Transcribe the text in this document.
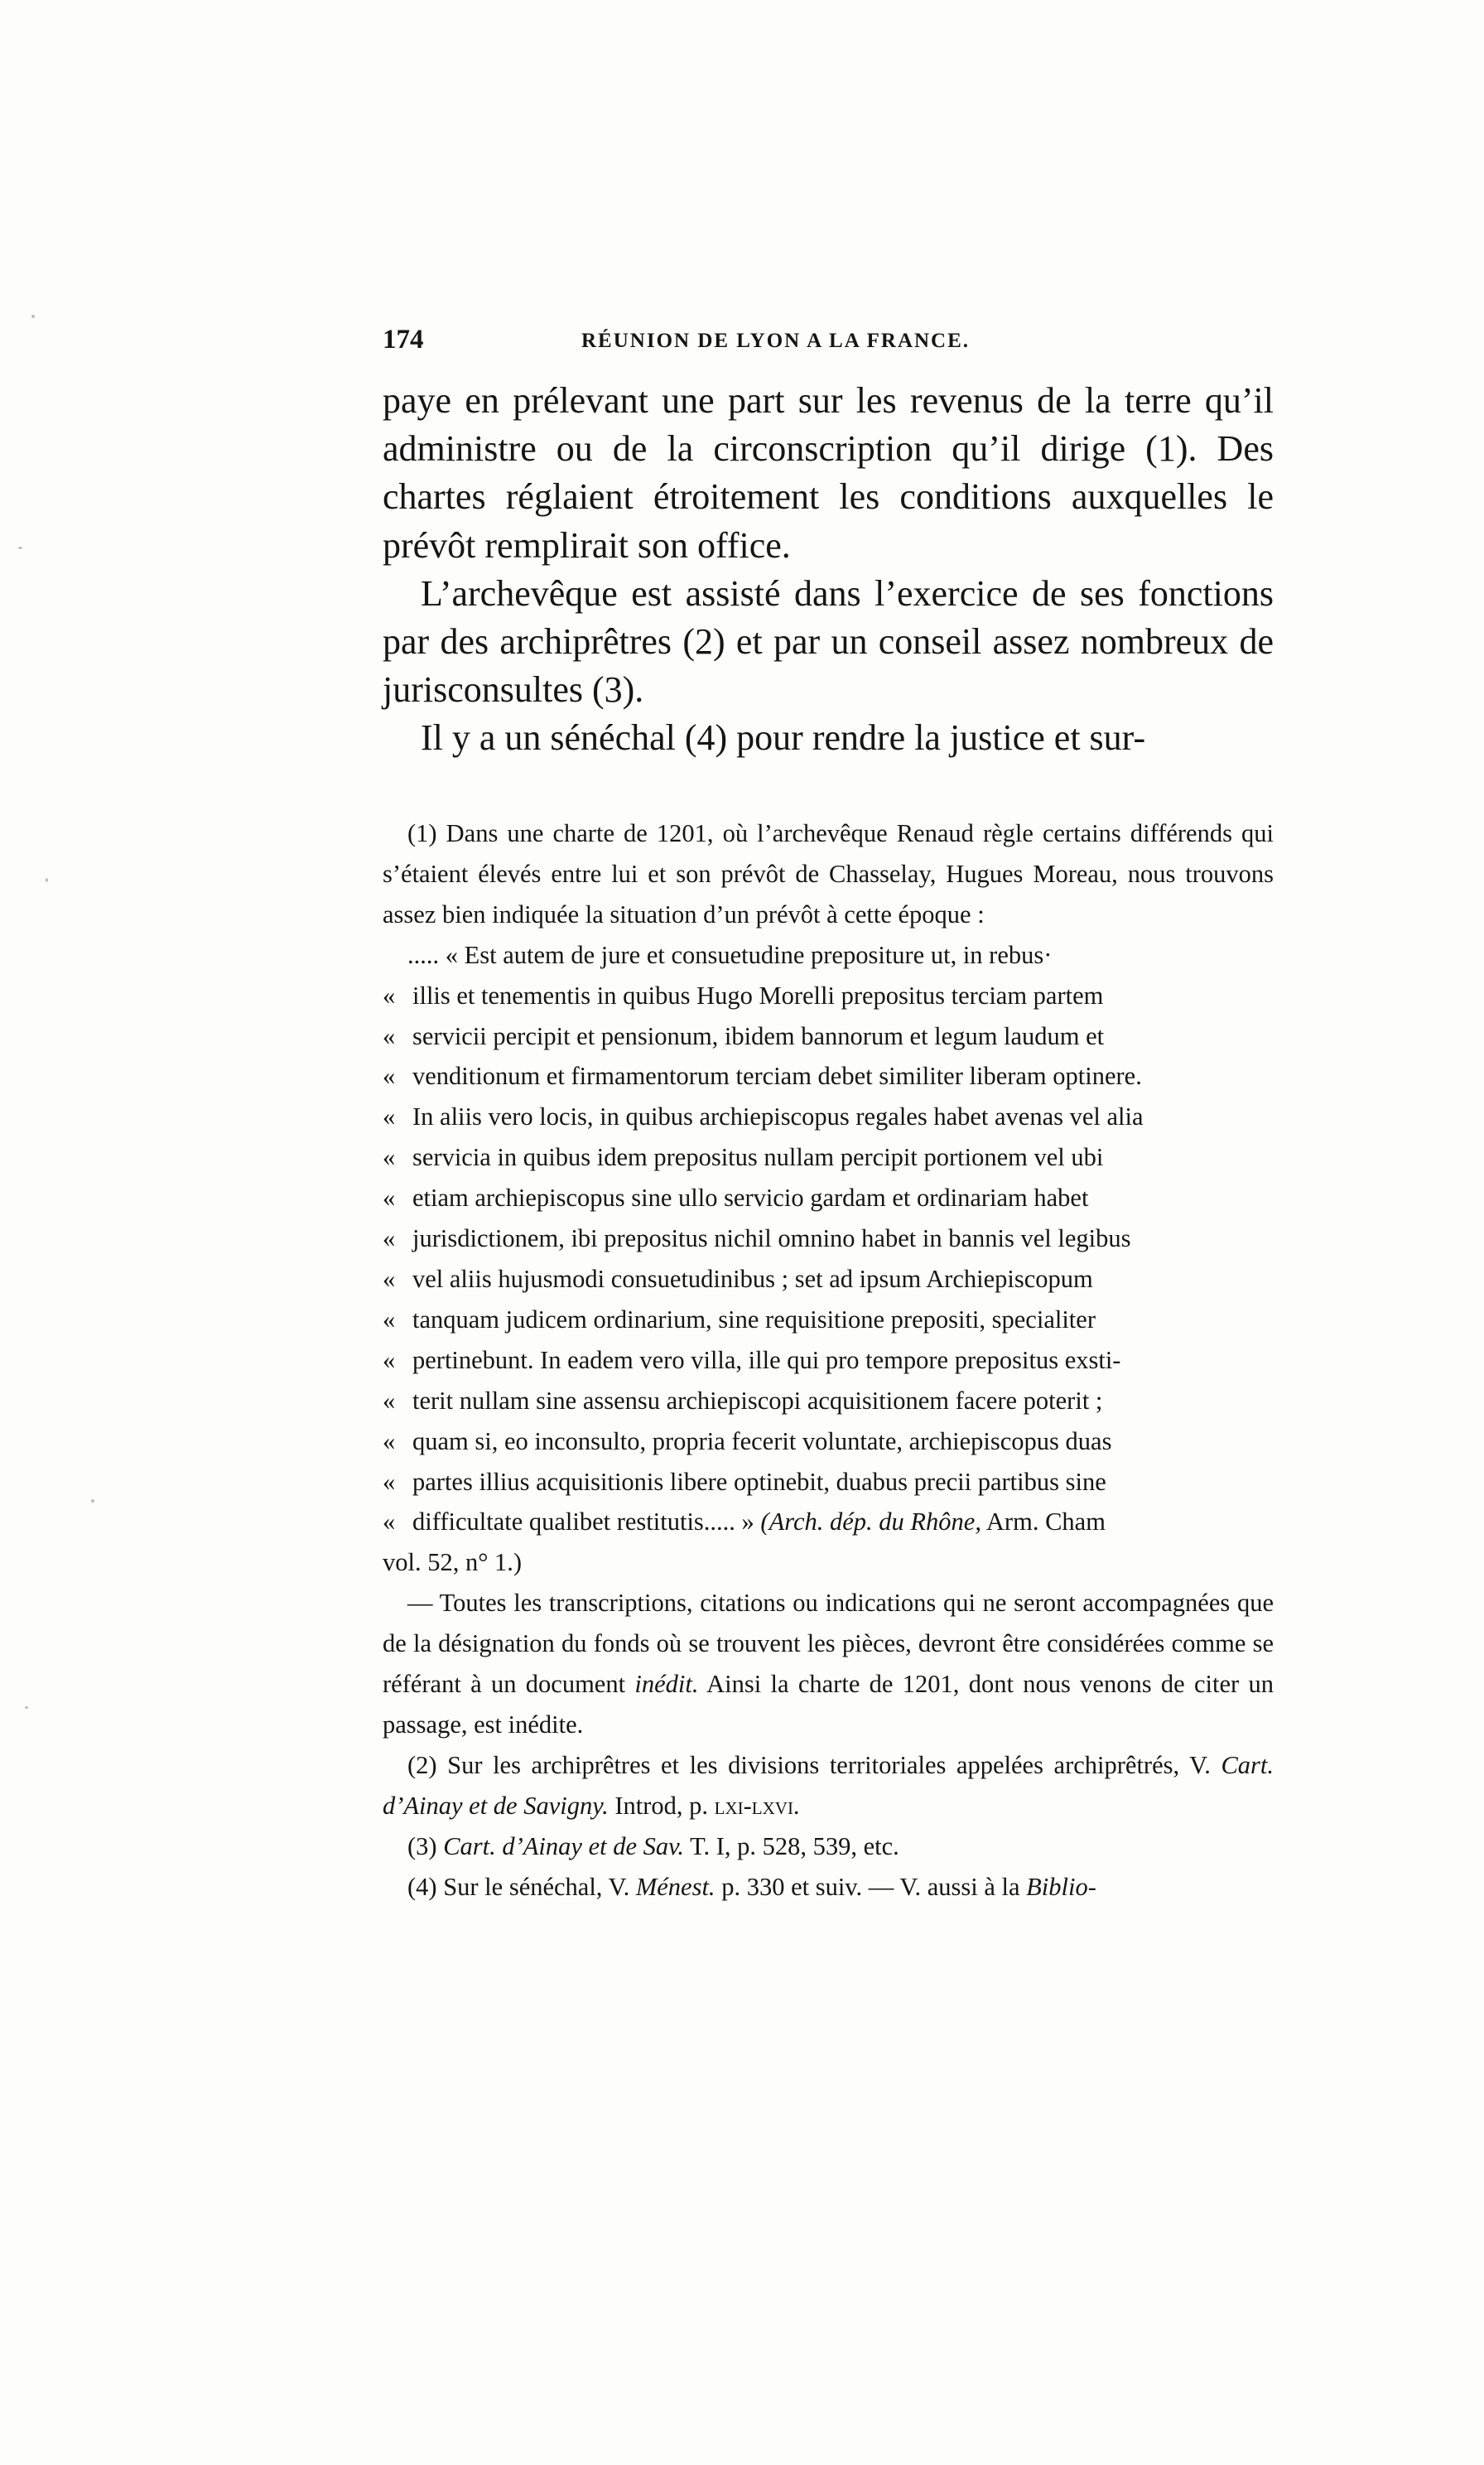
174	RÉUNION DE LYON A LA FRANCE.

paye en prélevant une part sur les revenus de la terre qu’il administre ou de la circonscription qu’il dirige (1). Des chartes réglaient étroitement les conditions auxquelles le prévôt remplirait son office.

L’archevêque est assisté dans l’exercice de ses fonctions par des archiprêtres (2) et par un conseil assez nombreux de jurisconsultes (3).

Il y a un sénéchal (4) pour rendre la justice et sur-

(1) Dans une charte de 1201, où l’archevêque Renaud règle certains différends qui s’étaient élevés entre lui et son prévôt de Chasselay, Hugues Moreau, nous trouvons assez bien indiquée la situation d’un prévôt à cette époque :

..... « Est autem de jure et consuetudine prepositure ut, in rebus·

« illis et tenementis in quibus Hugo Morelli prepositus terciam partem

« servicii percipit et pensionum, ibidem bannorum et legum laudum et

« venditionum et firmamentorum terciam debet similiter liberam optinere.

« In aliis vero locis, in quibus archiepiscopus regales habet avenas vel alia

« servicia in quibus idem prepositus nullam percipit portionem vel ubi

« etiam archiepiscopus sine ullo servicio gardam et ordinariam habet

« jurisdictionem, ibi prepositus nichil omnino habet in bannis vel legibus

« vel aliis hujusmodi consuetudinibus ; set ad ipsum Archiepiscopum

« tanquam judicem ordinarium, sine requisitione prepositi, specialiter

« pertinebunt. In eadem vero villa, ille qui pro tempore prepositus exsti-

« terit nullam sine assensu archiepiscopi acquisitionem facere poterit ;

« quam si, eo inconsulto, propria fecerit voluntate, archiepiscopus duas

« partes illius acquisitionis libere optinebit, duabus precii partibus sine

« difficultate qualibet restitutis..... » (Arch. dép. du Rhône, Arm. Cham

vol. 52, n° 1.)

— Toutes les transcriptions, citations ou indications qui ne seront accompagnées que de la désignation du fonds où se trouvent les pièces, devront être considérées comme se référant à un document inédit. Ainsi la charte de 1201, dont nous venons de citer un passage, est inédite.

(2) Sur les archiprêtres et les divisions territoriales appelées archiprêtrés, V. Cart. d’Ainay et de Savigny. Introd, p. lxi-lxvi.

(3) Cart. d’Ainay et de Sav. T. I, p. 528, 539, etc.

(4) Sur le sénéchal, V. Ménest. p. 330 et suiv. — V. aussi à la Biblio-
